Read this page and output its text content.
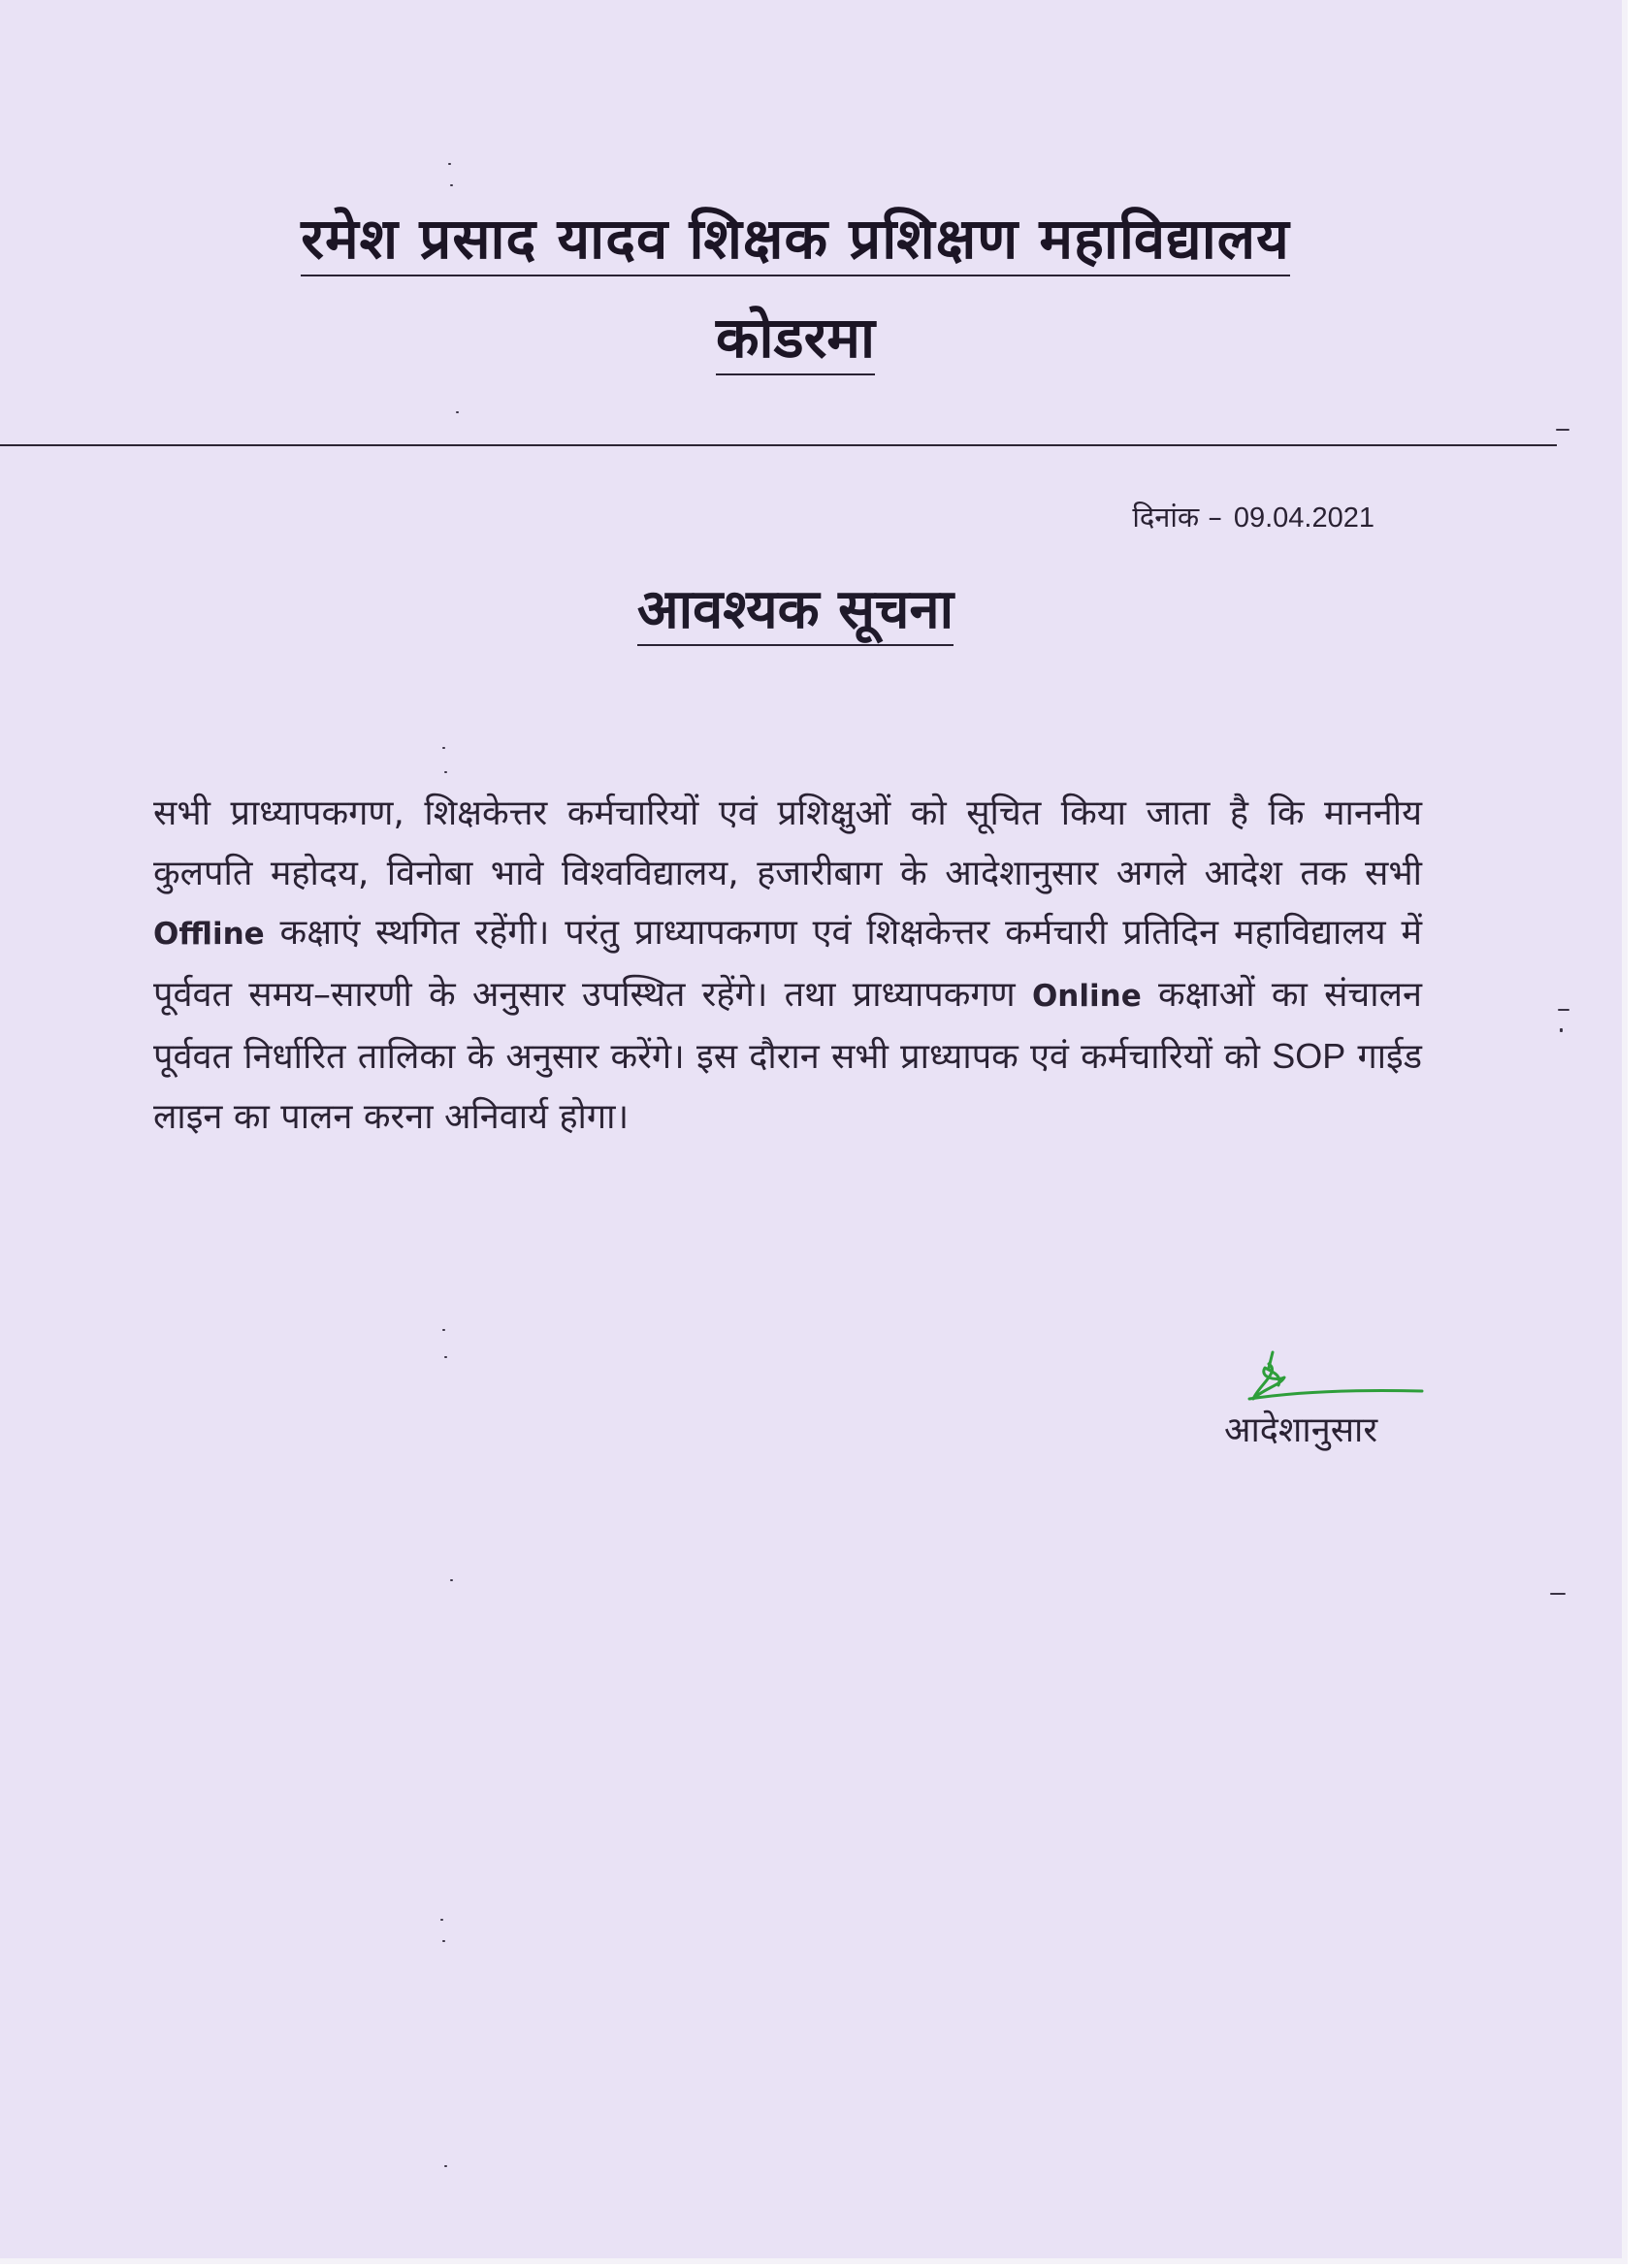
रमेश प्रसाद यादव शिक्षक प्रशिक्षण महाविद्यालय
कोडरमा
दिनांक – 09.04.2021
आवश्यक सूचना
सभी प्राध्यापकगण, शिक्षकेत्तर कर्मचारियों एवं प्रशिक्षुओं को सूचित किया जाता है कि माननीय कुलपति महोदय, विनोबा भावे विश्वविद्यालय, हजारीबाग के आदेशानुसार अगले आदेश तक सभी Offline कक्षाएं स्थगित रहेंगी। परंतु प्राध्यापकगण एवं शिक्षकेत्तर कर्मचारी प्रतिदिन महाविद्यालय में पूर्ववत समय–सारणी के अनुसार उपस्थित रहेंगे। तथा प्राध्यापकगण Online कक्षाओं का संचालन पूर्ववत निर्धारित तालिका के अनुसार करेंगे। इस दौरान सभी प्राध्यापक एवं कर्मचारियों को SOP गाईड लाइन का पालन करना अनिवार्य होगा।
आदेशानुसार
